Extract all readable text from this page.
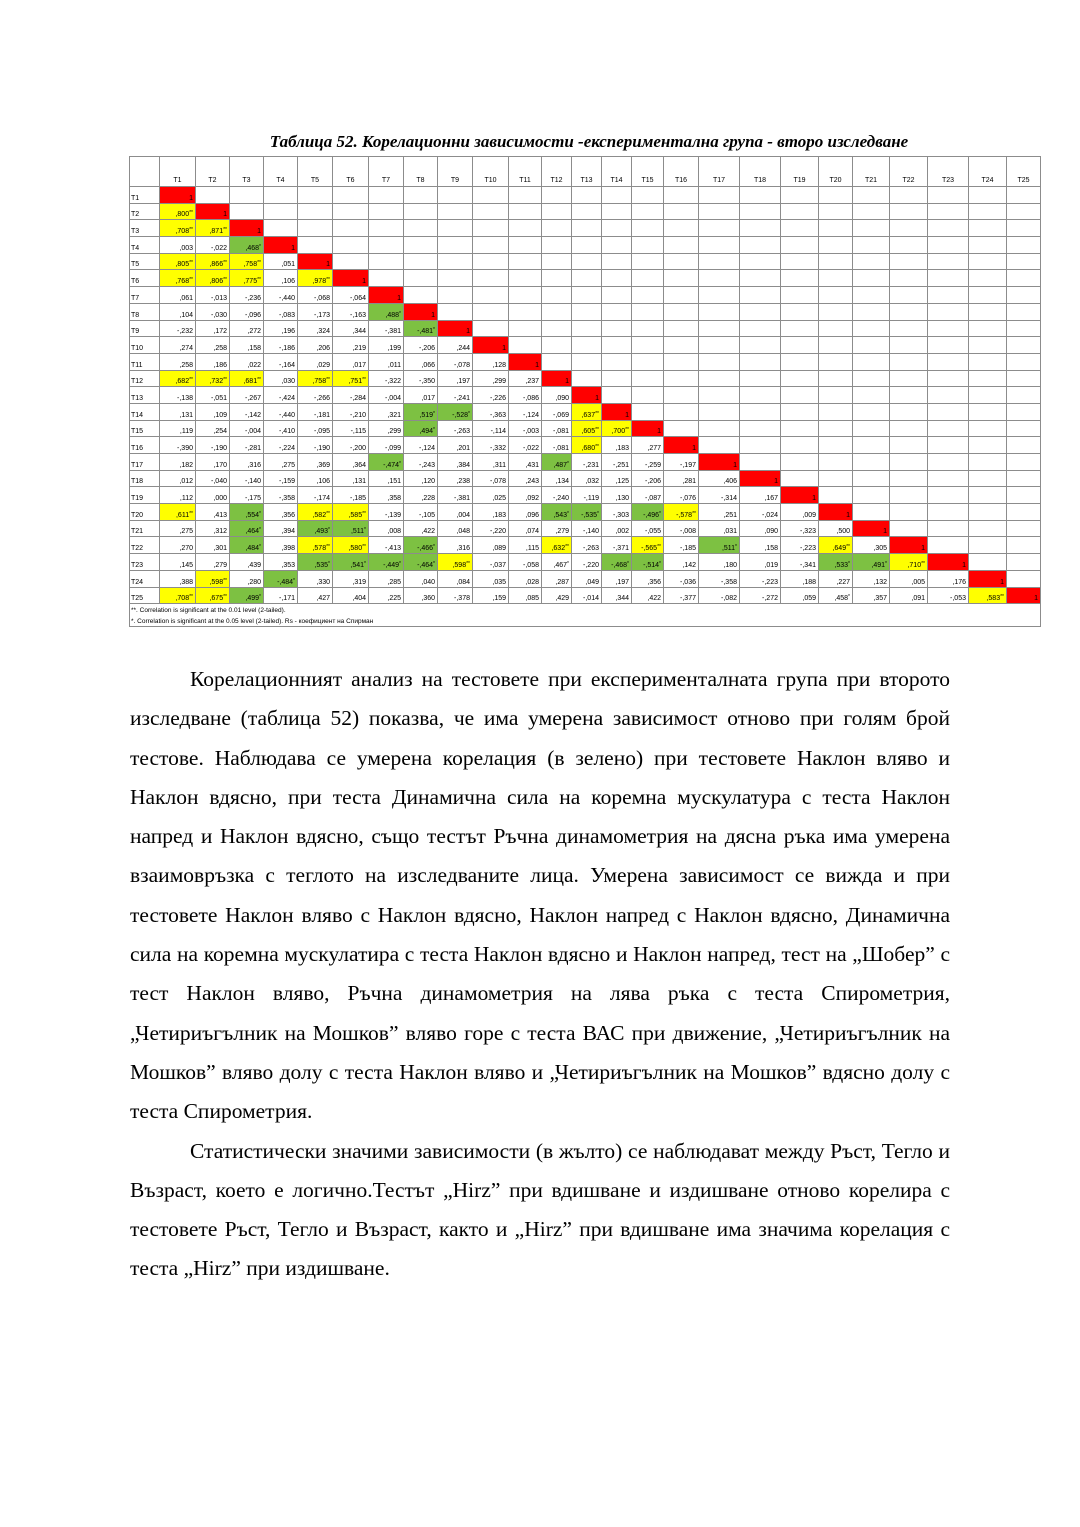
Таблица 52. Корелационни зависимости -експериментална група - второ изследване
	T1	T2	T3	T4	T5	T6	T7	T8	T9	T10	T11	T12	T13	T14	T15	T16	T17	T18	T19	T20	T21	T22	T23	T24	T25
T1	1																								
T2	,800**	1																							
T3	,708**	,871**	1																						
T4	,003	-,022	,468*	1																					
T5	,805**	,866**	,758**	,051	1																				
T6	,768**	,806**	,775**	,106	,978**	1																			
T7	,061	-,013	-,236	-,440	-,068	-,064	1																		
T8	,104	-,030	-,096	-,083	-,173	-,163	,488*	1																	
T9	-,232	,172	,272	,196	,324	,344	-,381	-,481*	1																
T10	,274	,258	,158	-,186	,206	,219	,199	-,206	,244	1															
T11	,258	,186	,022	-,164	,029	,017	,011	,066	-,078	,128	1														
T12	,682**	,732**	,681**	,030	,758**	,751**	-,322	-,350	,197	,299	,237	1													
T13	-,138	-,051	-,267	-,424	-,266	-,284	-,004	,017	-,241	-,226	-,086	,090	1												
T14	,131	,109	-,142	-,440	-,181	-,210	,321	,519*	-,528*	-,363	-,124	-,069	,637**	1											
T15	,119	,254	-,004	-,410	-,095	-,115	,299	,494*	-,263	-,114	-,003	-,081	,605**	,700**	1										
T16	-,390	-,190	-,281	-,224	-,190	-,200	-,099	-,124	,201	-,332	-,022	-,081	,680**	,183	,277	1									
T17	,182	,170	,316	,275	,369	,364	-,474*	-,243	,384	,311	,431	,487*	-,231	-,251	-,259	-,197	1								
T18	,012	-,040	-,140	-,159	,106	,131	,151	,120	,238	-,078	,243	,134	,032	,125	-,206	,281	,406	1							
T19	,112	,000	-,175	-,358	-,174	-,185	,358	,228	-,381	,025	,092	-,240	-,119	,130	-,087	-,076	-,314	,167	1						
T20	,611**	,413	,554*	,356	,582**	,585**	-,139	-,105	,004	,183	,096	,543*	-,535*	-,303	-,496*	-,578**	,251	-,024	,009	1					
T21	,275	,312	,464*	,394	,493*	,511*	,008	,422	,048	-,220	,074	,279	-,140	,002	-,055	-,008	,031	,090	-,323	,500	1				
T22	,270	,301	,484*	,398	,578**	,580**	-,413	-,466*	,316	,089	,115	,632**	-,263	-,371	-,565**	-,185	,511*	,158	-,223	,649**	,305	1			
T23	,145	,279	,439	,353	,535*	,541*	-,449*	-,464*	,598**	-,037	-,058	,467*	-,220	-,468*	-,514*	,142	,180	,019	-,341	,533*	,491*	,710**	1		
T24	,388	,598**	,280	-,484*	,330	,319	,285	,040	,084	,035	,028	,287	,049	,197	,356	-,036	-,358	-,223	,188	,227	,132	,005	,176	1	
T25	,708**	,675**	,499*	-,171	,427	,404	,225	,360	-,378	,159	,085	,429	-,014	,344	,422	-,377	-,082	-,272	,059	,458*	,357	,091	-,053	,583**	1
**. Correlation is significant at the 0.01 level (2-tailed).																									
*. Correlation is significant at the 0.05 level (2-tailed). Rs - коефициент на Спирман																									

Корелационният анализ на тестовете при експерименталната група при второто изследване (таблица 52) показва, че има умерена зависимост отново при голям брой тестове. Наблюдава се умерена корелация (в зелено) при тестовете Наклон вляво и Наклон вдясно, при теста Динамична сила на коремна мускулатура с теста Наклон напред и Наклон вдясно, също тестът Ръчна динамометрия на дясна ръка има умерена взаимовръзка с теглото на изследваните лица. Умерена зависимост се вижда и при тестовете Наклон вляво с Наклон вдясно, Наклон напред с Наклон вдясно, Динамична сила на коремна мускулатира с теста Наклон вдясно и Наклон напред, тест на „Шобер” с тест Наклон вляво, Ръчна динамометрия на лява ръка с теста Спирометрия, „Четириъгълник на Мошков” вляво горе с теста ВАС при движение, „Четириъгълник на Мошков” вляво долу с теста Наклон вляво и „Четириъгълник на Мошков” вдясно долу с теста Спирометрия.

Статистически значими зависимости (в жълто) се наблюдават между Ръст, Тегло и Възраст, което е логично.Тестът „Hirz” при вдишване и издишване отново корелира с тестовете Ръст, Тегло и Възраст, както и „Hirz” при вдишване има значима корелация с теста „Hirz” при издишване.
